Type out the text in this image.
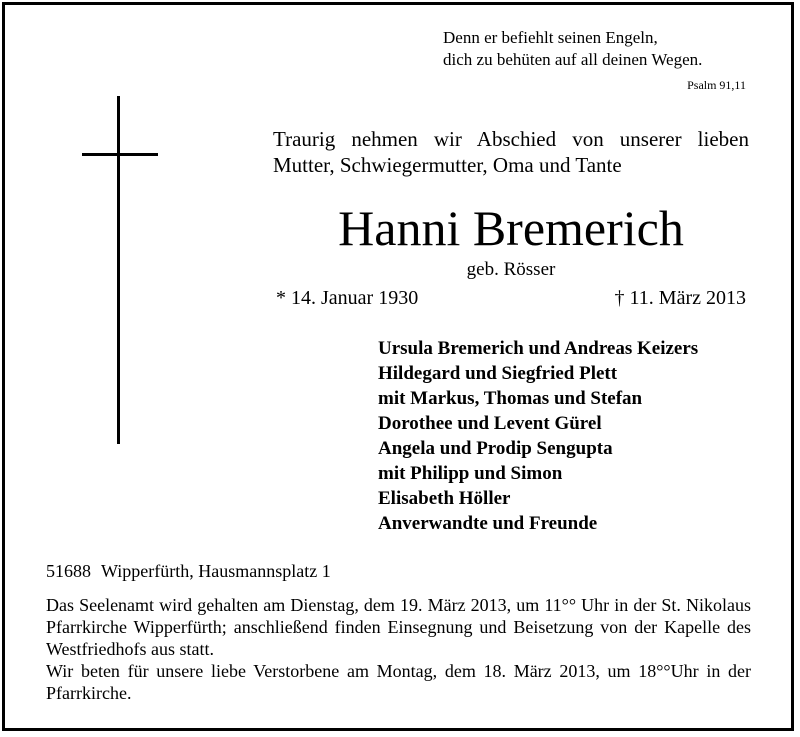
Denn er befiehlt seinen Engeln,
dich zu behüten auf all deinen Wegen.
Psalm 91,11
Traurig nehmen wir Abschied von unserer lieben Mutter, Schwiegermutter, Oma und Tante
Hanni Bremerich
geb. Rösser
* 14. Januar 1930	† 11. März 2013
Ursula Bremerich und Andreas Keizers
Hildegard und Siegfried Plett
mit Markus, Thomas und Stefan
Dorothee und Levent Gürel
Angela und Prodip Sengupta
mit Philipp und Simon
Elisabeth Höller
Anverwandte und Freunde
51688 Wipperfürth, Hausmannsplatz 1

Das Seelenamt wird gehalten am Dienstag, dem 19. März 2013, um 11°° Uhr in der St. Nikolaus Pfarrkirche Wipperfürth; anschließend finden Einsegnung und Beisetzung von der Kapelle des Westfriedhofs aus statt.

Wir beten für unsere liebe Verstorbene am Montag, dem 18. März 2013, um 18°°Uhr in der Pfarrkirche.
